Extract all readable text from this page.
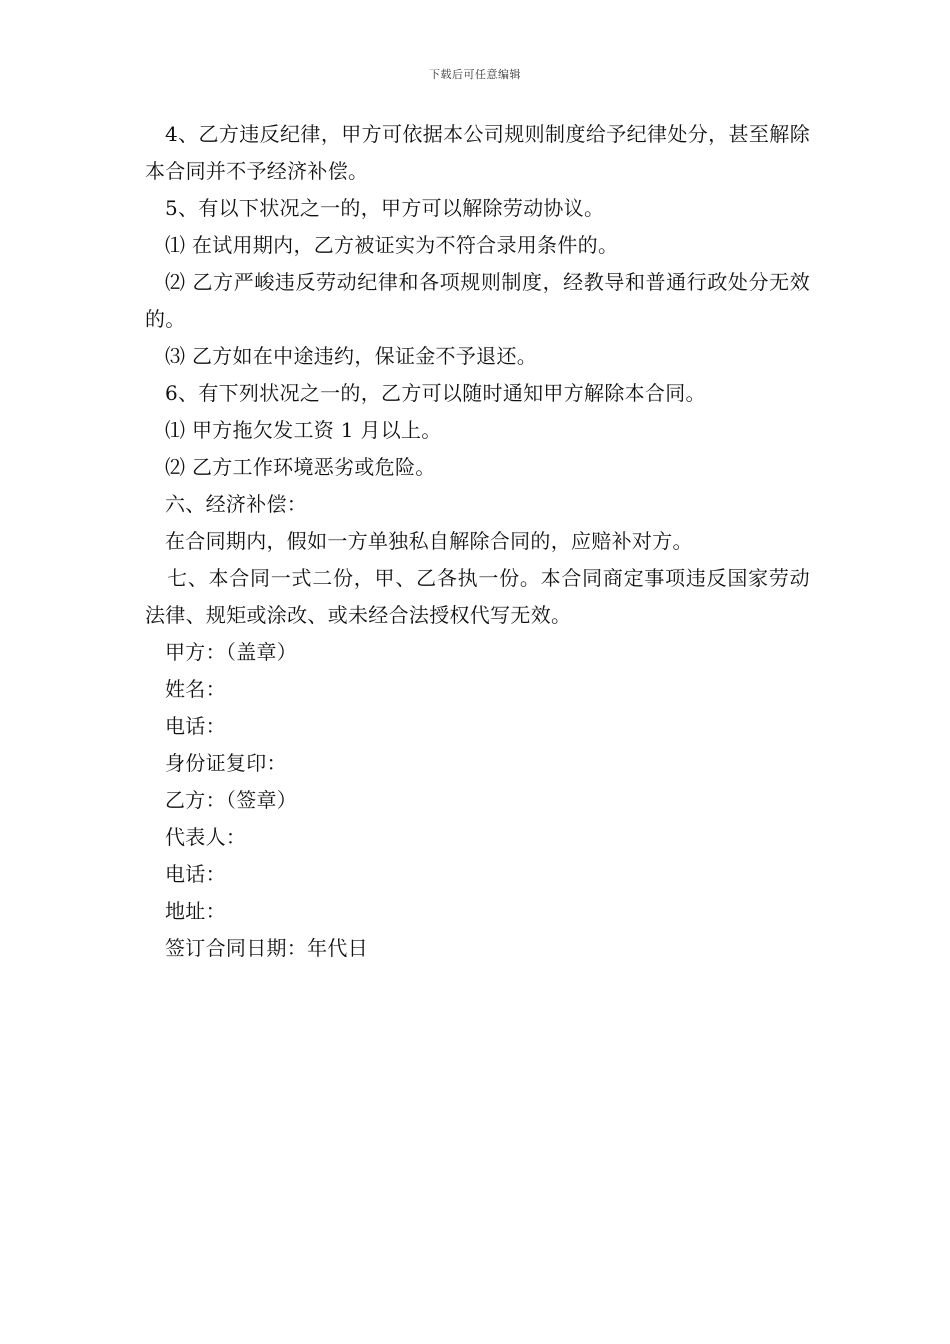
下载后可任意编辑

4、乙方违反纪律，甲方可依据本公司规则制度给予纪律处分，甚至解除本合同并不予经济补偿。

5、有以下状况之一的，甲方可以解除劳动协议。

⑴ 在试用期内，乙方被证实为不符合录用条件的。

⑵ 乙方严峻违反劳动纪律和各项规则制度，经教导和普通行政处分无效的。

⑶ 乙方如在中途违约，保证金不予退还。

6、有下列状况之一的，乙方可以随时通知甲方解除本合同。

⑴ 甲方拖欠发工资 1 月以上。

⑵ 乙方工作环境恶劣或危险。

六、经济补偿：

在合同期内，假如一方单独私自解除合同的，应赔补对方。

七、本合同一式二份，甲、乙各执一份。本合同商定事项违反国家劳动法律、规矩或涂改、或未经合法授权代写无效。

甲方：（盖章）

姓名：

电话：

身份证复印：

乙方：（签章）

代表人：

电话：

地址：

签订合同日期：年代日
